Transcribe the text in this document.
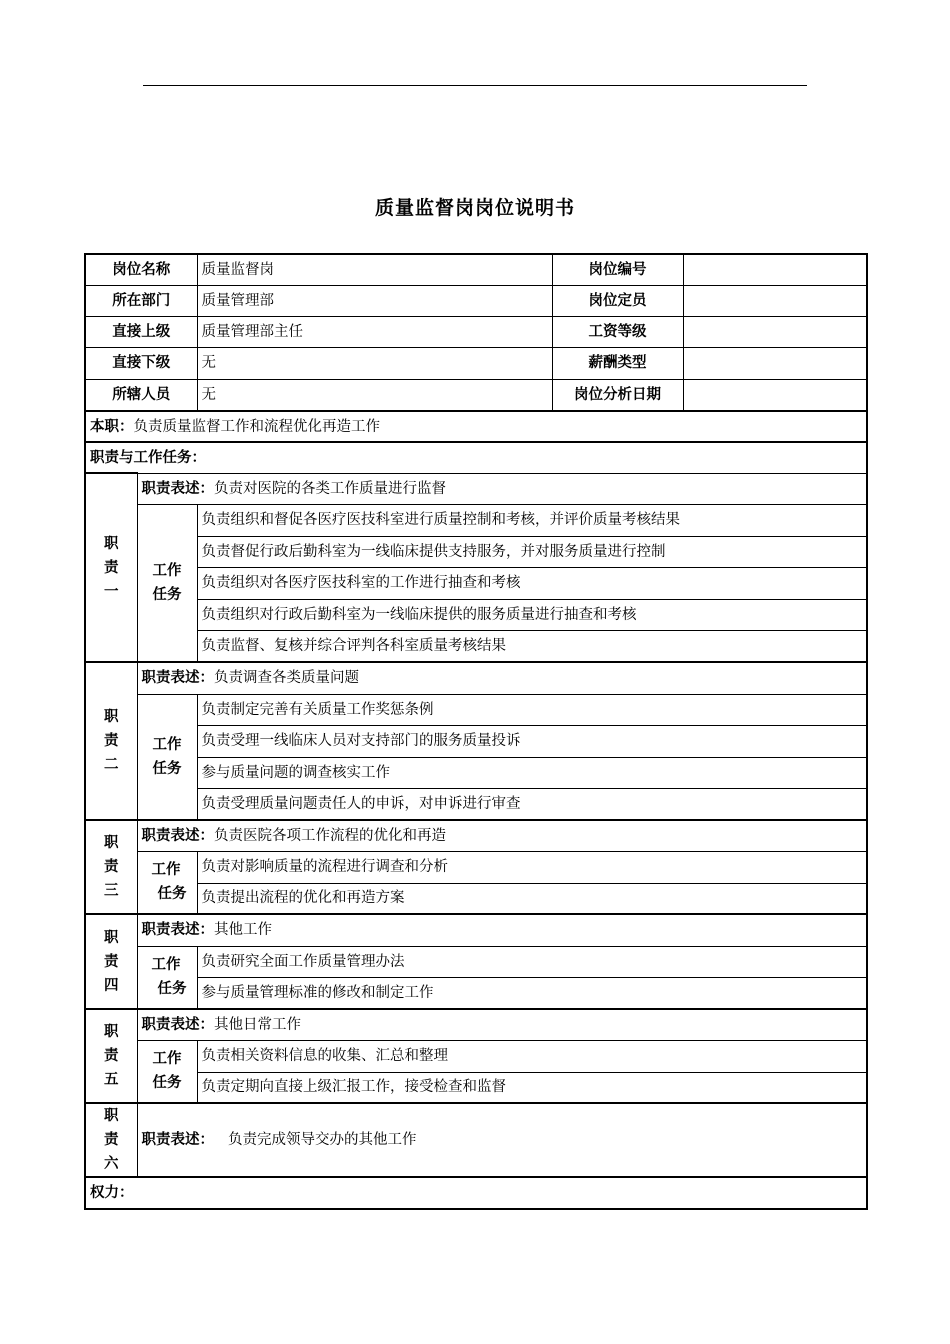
质量监督岗岗位说明书
岗位名称		质量监督岗	岗位编号	
所在部门		质量管理部	岗位定员	
直接上级		质量管理部主任	工资等级	
直接下级		无	薪酬类型	
所辖人员		无	岗位分析日期	
本职：负责质量监督工作和流程优化再造工作				
职责与工作任务：				

职
责
一	职责表述：负责对医院的各类工作质量进行监督			

	工作
任务	负责组织和督促各医疗医技科室进行质量控制和考核，并评价质量考核结果		
		负责督促行政后勤科室为一线临床提供支持服务，并对服务质量进行控制		
		负责组织对各医疗医技科室的工作进行抽查和考核		
		负责组织对行政后勤科室为一线临床提供的服务质量进行抽查和考核		
		负责监督、复核并综合评判各科室质量考核结果		

职
责
二	职责表述：负责调查各类质量问题			

	工作
任务	负责制定完善有关质量工作奖惩条例		
		负责受理一线临床人员对支持部门的服务质量投诉		
		参与质量问题的调查核实工作		
		负责受理质量问题责任人的申诉，对申诉进行审查		

职
责
三	职责表述：负责医院各项工作流程的优化和再造			

	工作
任务	负责对影响质量的流程进行调查和分析		
		负责提出流程的优化和再造方案		

职
责
四	职责表述：其他工作			

	工作
任务	负责研究全面工作质量管理办法		
		参与质量管理标准的修改和制定工作		

职
责
五	职责表述：其他日常工作			

	工作
任务	负责相关资料信息的收集、汇总和整理		
		负责定期向直接上级汇报工作，接受检查和监督		

职
责
六	职责表述： 负责完成领导交办的其他工作			
权力：				
